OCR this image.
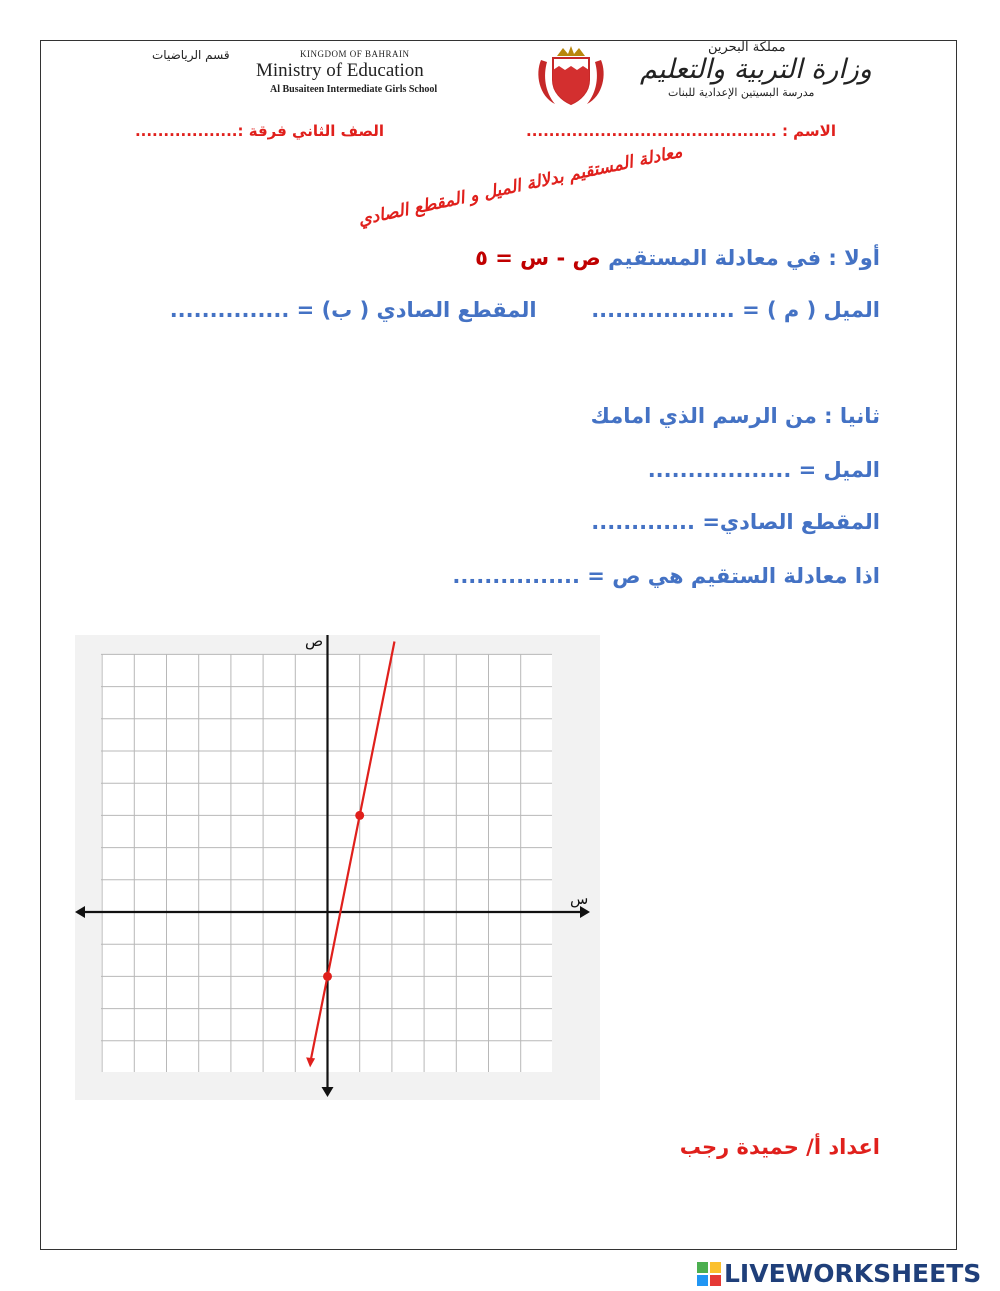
قسم الرياضيات	KINGDOM OF BAHRAIN
Ministry of Education
Al Busaiteen Intermediate Girls School
مملكة البحرين
وزارة التربية والتعليم
مدرسة البسيتين الإعدادية للبنات
الاسم : ............................................
الصف الثاني فرقة :..................
معادلة المستقيم بدلالة الميل و المقطع الصادي
أولا : في معادلة المستقيم ص - س = ٥
الميل ( م ) = ..................  المقطع الصادي ( ب) = ...............
ثانيا : من الرسم الذي امامك
الميل = ..................
المقطع الصادي= .............
اذا معادلة الستقيم هي ص = ................
س
ص
اعداد أ/ حميدة رجب
LIVEWORKSHEETS
